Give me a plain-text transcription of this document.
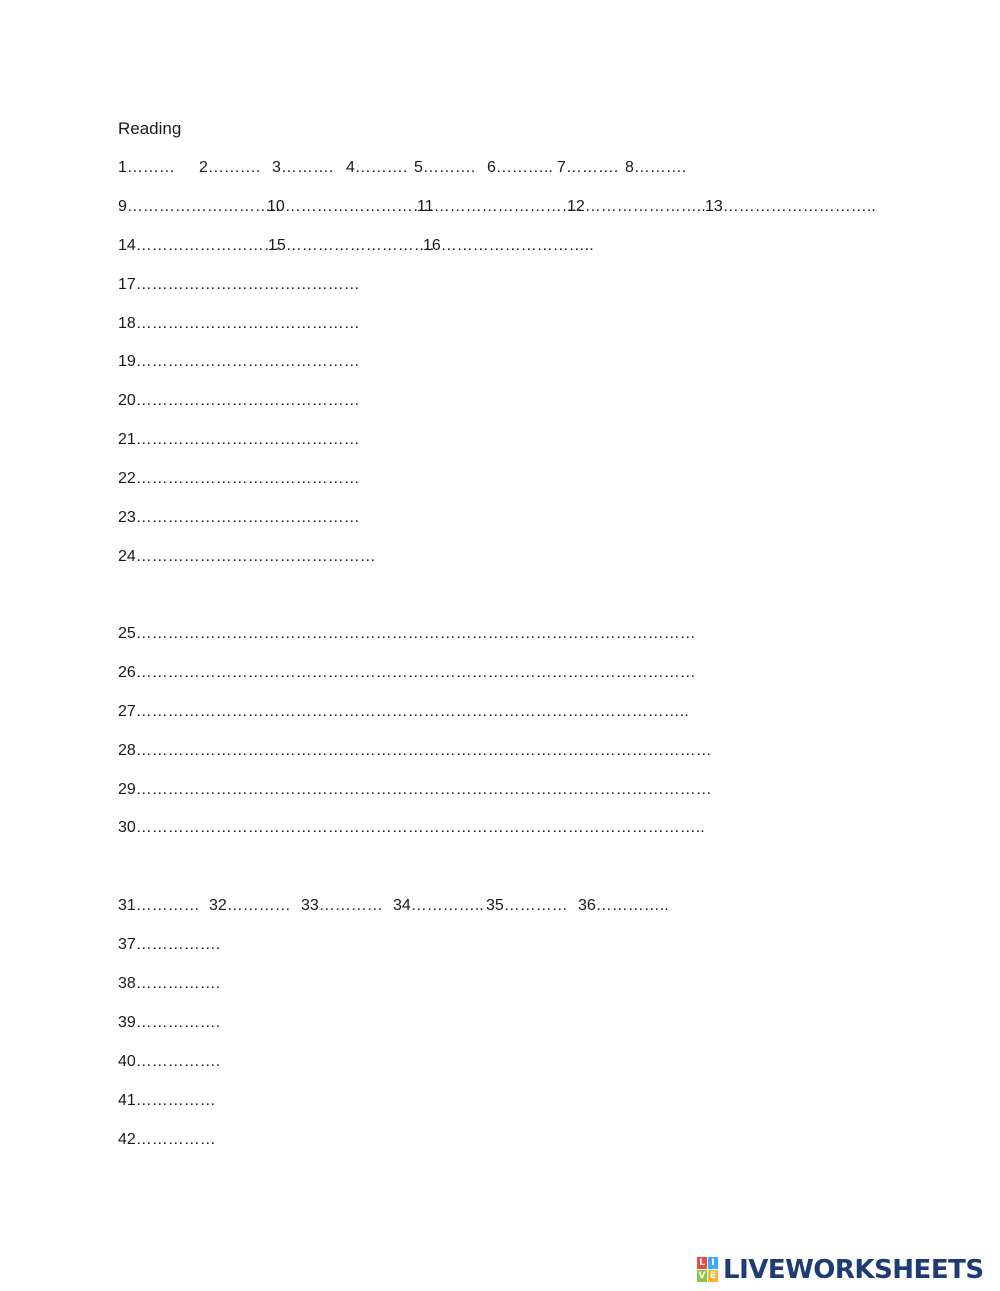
Reading

1………

2……….

3……….

4……….

5……….

6………..

7……….

8……….

9………………………..

10……………………….

11……………………….

12…………………..

13………………………..

14………………………

15……………………….

16………………………..

17……………………………………
18……………………………………
19……………………………………
20……………………………………
21……………………………………
22……………………………………
23……………………………………
24………………………………………
25……………………………………………………………………………………………
26……………………………………………………………………………………………
27…………………………………………………………………………………………..
28………………………………………………………………………………………………
29………………………………………………………………………………………………
30……………………………………………………………………………………………..

31…………

32…………

33…………

34…………..

35…………

36…………..

37…………….
38…………….
39…………….
40…………….
41……………
42……………
L I
V E LIVEWORKSHEETS
